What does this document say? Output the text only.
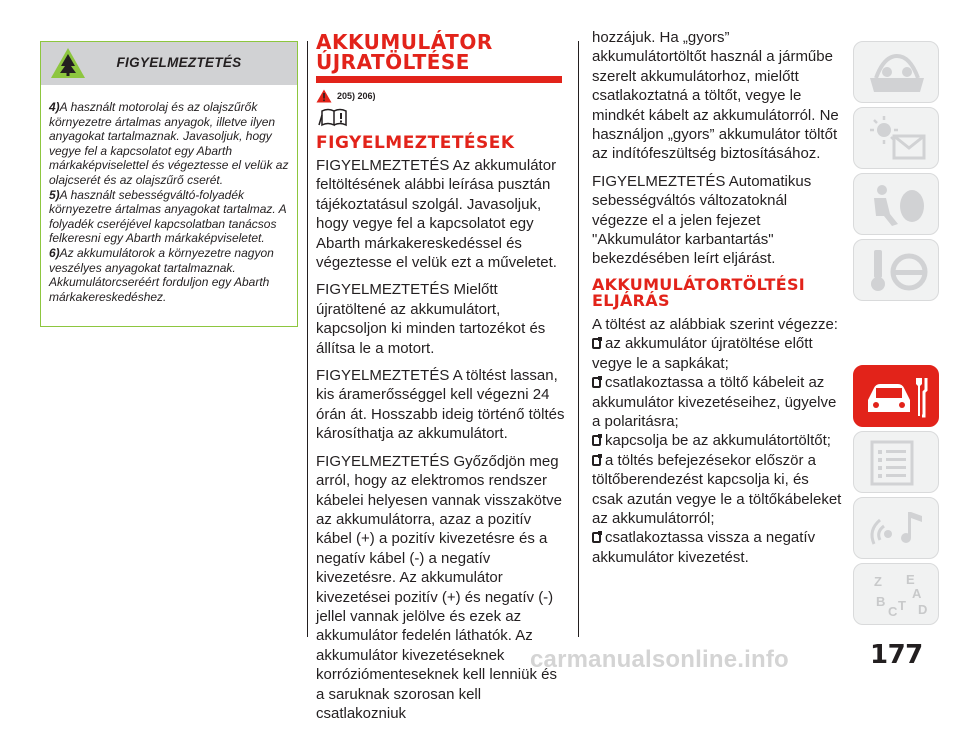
FIGYELMEZTETÉS

4)A használt motorolaj és az olajszűrők környezetre ártalmas anyagok, illetve ilyen anyagokat tartalmaznak. Javasoljuk, hogy vegye fel a kapcsolatot egy Abarth márkaképviselettel és végeztesse el velük az olajcserét és az olajszűrő cserét.

5)A használt sebességváltó-folyadék környezetre ártalmas anyagokat tartalmaz. A folyadék cseréjével kapcsolatban tanácsos felkeresni egy Abarth márkaképviseletet.

6)Az akkumulátorok a környezetre nagyon veszélyes anyagokat tartalmaznak. Akkumulátorcseréért forduljon egy Abarth márkakereskedéshez.

AKKUMULÁTOR
ÚJRATÖLTÉSE
205) 206)
FIGYELMEZTETÉSEK

FIGYELMEZTETÉS Az akkumulátor feltöltésének alábbi leírása pusztán tájékoztatásul szolgál. Javasoljuk, hogy vegye fel a kapcsolatot egy Abarth márkakereskedéssel és végeztesse el velük ezt a műveletet.

FIGYELMEZTETÉS Mielőtt újratöltené az akkumulátort, kapcsoljon ki minden tartozékot és állítsa le a motort.

FIGYELMEZTETÉS A töltést lassan, kis áramerősséggel kell végezni 24 órán át. Hosszabb ideig történő töltés károsíthatja az akkumulátort.

FIGYELMEZTETÉS Győződjön meg arról, hogy az elektromos rendszer kábelei helyesen vannak visszakötve az akkumulátorra, azaz a pozitív kábel (+) a pozitív kivezetésre és a negatív kábel (-) a negatív kivezetésre. Az akkumulátor kivezetései pozitív (+) és negatív (-) jellel vannak jelölve és ezek az akkumulátor fedelén láthatók. Az akkumulátor kivezetéseknek korróziómenteseknek kell lenniük és a saruknak szorosan kell csatlakozniuk

hozzájuk. Ha „gyors” akkumulátortöltőt használ a járműbe szerelt akkumulátorhoz, mielőtt csatlakoztatná a töltőt, vegye le mindkét kábelt az akkumulátorról. Ne használjon „gyors” akkumulátor töltőt az indítófeszültség biztosításához.

FIGYELMEZTETÉS Automatikus sebességváltós változatoknál végezze el a jelen fejezet "Akkumulátor karbantartás" bekezdésében leírt eljárást.

AKKUMULÁTORTÖLTÉSI
ELJÁRÁS
A töltést az alábbiak szerint végezze:
az akkumulátor újratöltése előtt vegye le a sapkákat;
csatlakoztassa a töltő kábeleit az akkumulátor kivezetéseihez, ügyelve a polaritásra;
kapcsolja be az akkumulátortöltőt;
a töltés befejezésekor először a töltőberendezést kapcsolja ki, és csak azután vegye le a töltőkábeleket az akkumulátorról;
csatlakoztassa vissza a negatív akkumulátor kivezetést.
Z E
A
B
C T D
177
carmanualsonline.info
